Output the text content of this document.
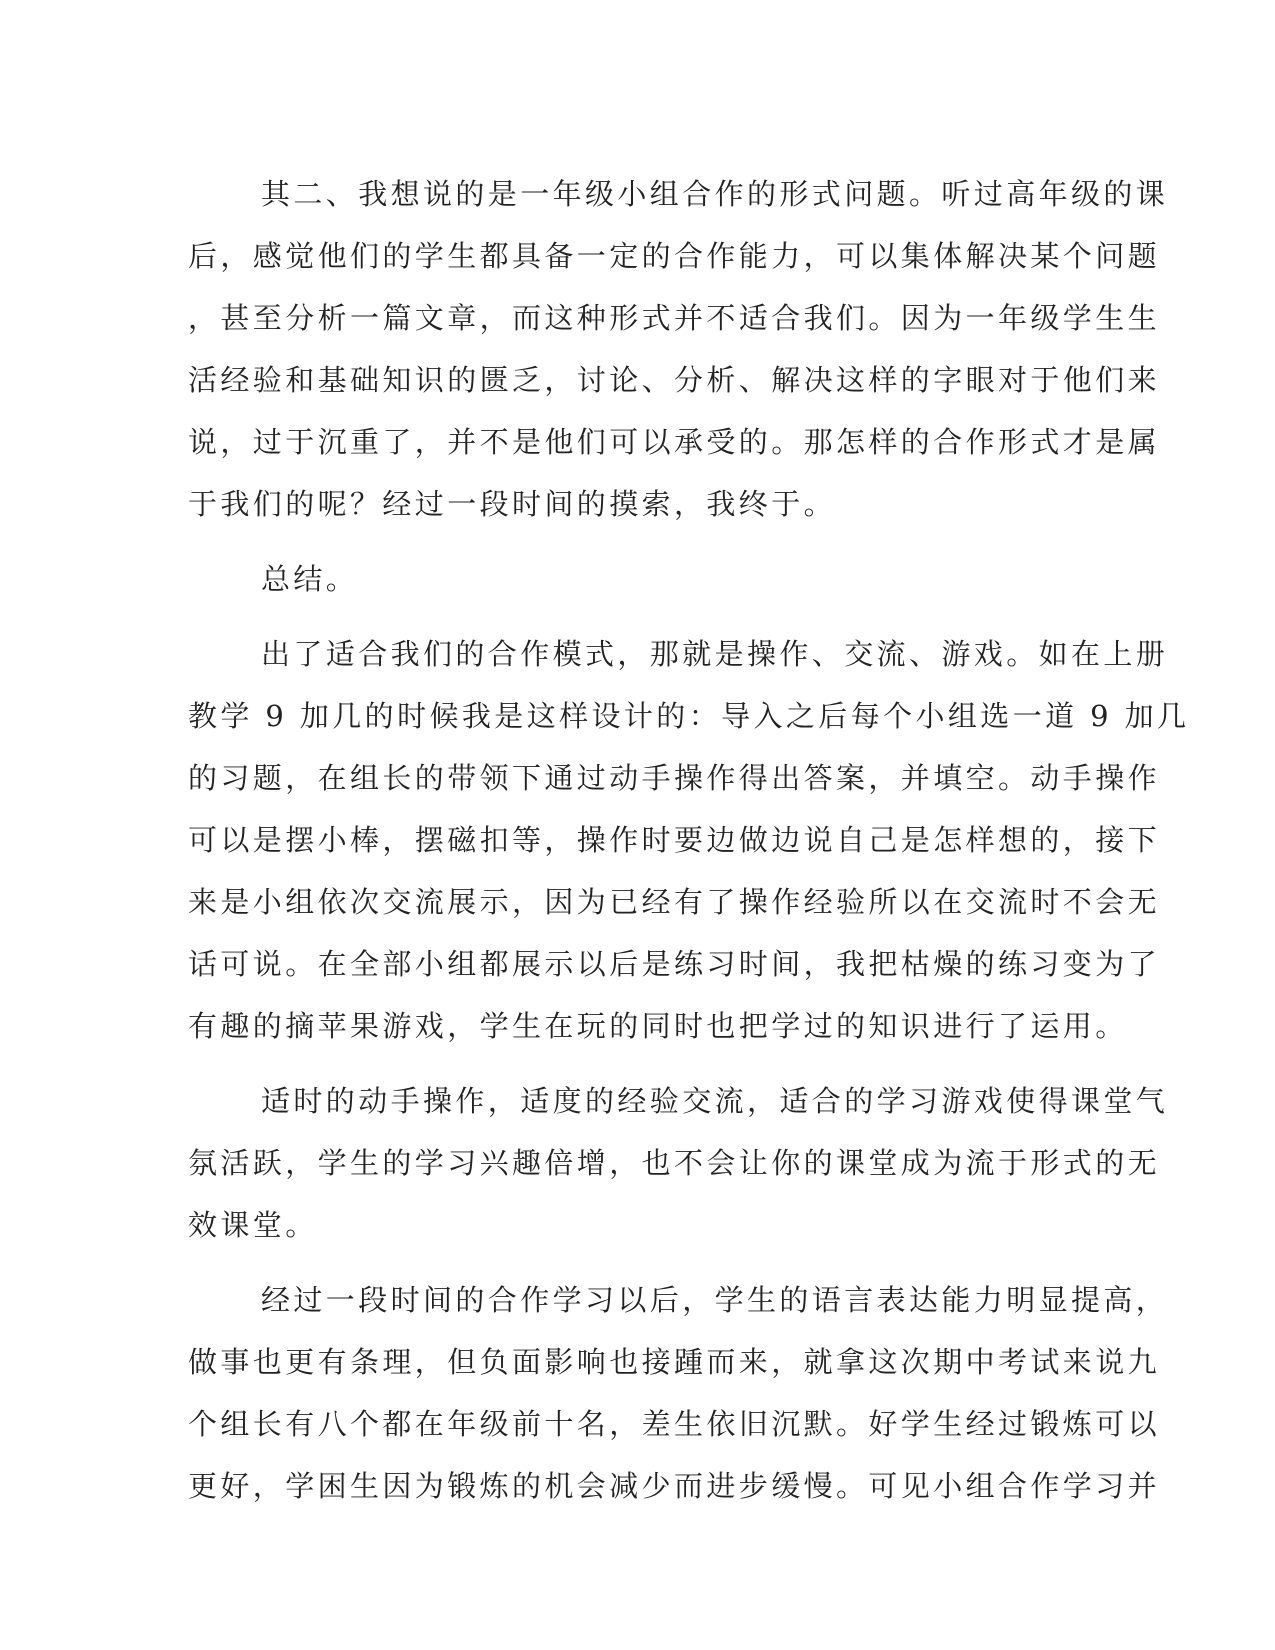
其二、我想说的是一年级小组合作的形式问题。听过高年级的课
后，感觉他们的学生都具备一定的合作能力，可以集体解决某个问题
，甚至分析一篇文章，而这种形式并不适合我们。因为一年级学生生
活经验和基础知识的匮乏，讨论、分析、解决这样的字眼对于他们来
说，过于沉重了，并不是他们可以承受的。那怎样的合作形式才是属
于我们的呢？经过一段时间的摸索，我终于。
总结。
出了适合我们的合作模式，那就是操作、交流、游戏。如在上册
教学 9 加几的时候我是这样设计的：导入之后每个小组选一道 9 加几
的习题，在组长的带领下通过动手操作得出答案，并填空。动手操作
可以是摆小棒，摆磁扣等，操作时要边做边说自己是怎样想的，接下
来是小组依次交流展示，因为已经有了操作经验所以在交流时不会无
话可说。在全部小组都展示以后是练习时间，我把枯燥的练习变为了
有趣的摘苹果游戏，学生在玩的同时也把学过的知识进行了运用。
适时的动手操作，适度的经验交流，适合的学习游戏使得课堂气
氛活跃，学生的学习兴趣倍增，也不会让你的课堂成为流于形式的无
效课堂。
经过一段时间的合作学习以后，学生的语言表达能力明显提高，
做事也更有条理，但负面影响也接踵而来，就拿这次期中考试来说九
个组长有八个都在年级前十名，差生依旧沉默。好学生经过锻炼可以
更好，学困生因为锻炼的机会减少而进步缓慢。可见小组合作学习并
